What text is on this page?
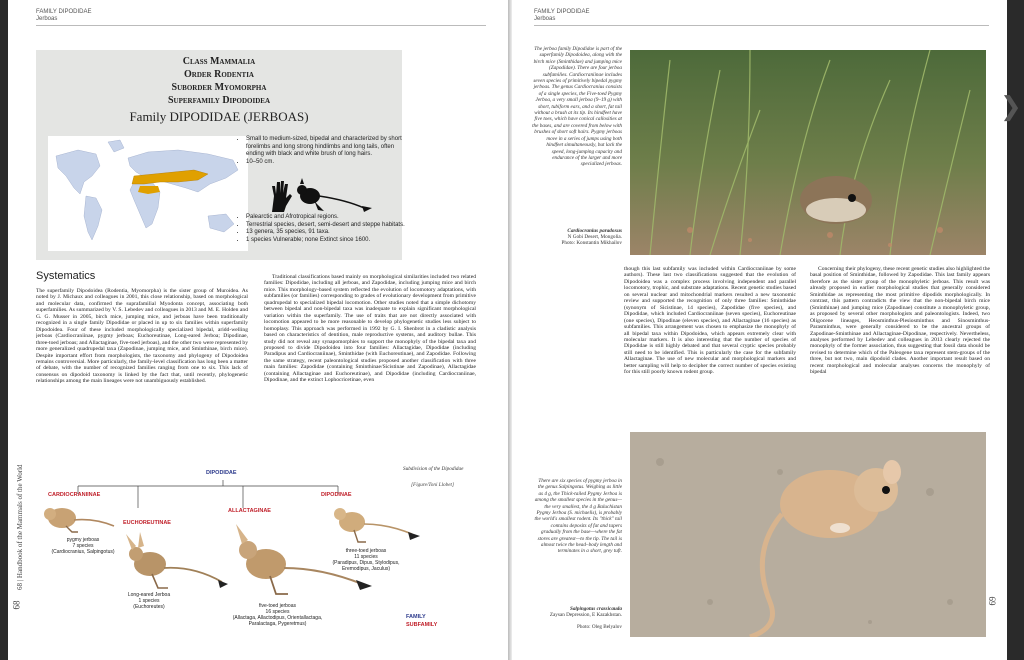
FAMILY DIPODIDAE
Jerboas
Class Mammalia
Order Rodentia
Suborder Myomorpha
Superfamily Dipodoidea
Family DIPODIDAE (JERBOAS)
• Small to medium-sized, bipedal and characterized by short forelimbs and long strong hindlimbs and long tails, often ending with black and white brush of long hairs.
• 10–50 cm.
• Palearctic and Afrotropical regions.
• Terrestrial species, desert, semi-desert and steppe habitats.
• 13 genera, 35 species, 91 taxa.
• 1 species Vulnerable; none Extinct since 1600.
Systematics
The superfamily Dipodoidea (Rodentia, Myomorpha) is the sister group of Muroidea. As noted by J. Michaux and colleagues in 2001, this close relationship, based on morphological and molecular data, confirmed the suprafamilial Myodonta concept, associating both superfamilies. As summarized by V. S. Lebedev and colleagues in 2013 and M. E. Holden and G. G. Musser in 2005, birch mice, jumping mice, and jerboas have been traditionally recognized in a single family Dipodidae or placed in up to six families within superfamily Dipodoidea. Four of these included morphologically specialized bipedal, aridd-welling jerboas (Cardiocraniinae, pygmy jerboas; Euchoreutinae, Long-eared Jerboa; Dipodinae, three-toed jerboas; and Allactaginae, five-toed jerboas), and the other two were represented by more generalized quadrupedal taxa (Zapodinae, jumping mice, and Sminthinae, birch mice). Despite important effort from morphologists, the taxonomy and phylogeny of Dipodoidea remains controversial. More particularly, the family-level classification has long been a matter of debate, with the number of recognized families ranging from one to six. This lack of consensus on dipodoid taxonomy is linked by the fact that, until recently, phylogenetic relationships among the main lineages were not unambiguously established.
Traditional classifications based mainly on morphological similarities included two related families: Dipodidae, including all jerboas, and Zapodidae, including jumping mice and birch mice. This morphology-based system reflected the evolution of locomotory adaptations, with subfamilies (or families) corresponding to grades of evolutionary development from primitive quadrupedal to specialized bipedal locomotion. Other studies noted that a simple dichotomy between bipedal and non-bipedal taxa was inadequate to explain significant morphological variation within the superfamily. The use of traits that are not directly associated with locomotion appeared to be more reasonable to develop phylogenetic studies less subject to homoplasy. This approach was performed in 1992 by G. I. Shenbrot in a cladistic analysis based on characteristics of dentition, male reproductive systems, and auditory bullae. This study did not reveal any synapomorphies to support the monophyly of the bipedal taxa and proposed to divide Dipodoidea into four families: Allactagidae, Dipodidae (including Paradipus and Cardiocraniinae), Sminthidae (with Euchoreutinae), and Zapodidae. Following the same strategy, recent paleontological studies proposed another classification with three main families: Zapodidae (containing Sminthinae/Sicistinae and Zapodinae), Allactagidae (containing Allactaginae and Euchoreutinae), and Dipodidae (including Cardiocraniinae, Dipodinae, and the extinct Lophocricetinae, even
Subdivision of the Dipodidae
[Figure/Toni Llobet]
DIPODIDAE
CARDIOCRANIINAE
EUCHOREUTINAE
ALLACTAGINAE
DIPODINAE
pygmy jerboas
7 species
(Cardiocranius, Salpingotus)
Long-eared Jerboa
1 species
(Euchoreutes)	five-toed jerboas
16 species
(Allactaga, Allactodipus, Orientallactaga,
Paralactaga, Pygeretmus)
three-toed jerboas
11 species
(Paradipus, Dipus, Stylodipus,
Eremodipus, Jaculus)
FAMILY
SUBFAMILY
68 | Handbook of the Mammals of the World
FAMILY DIPODIDAE
Jerboas
The jerboa family Dipodidae is part of the superfamily Dipodoidea, along with the birch mice (Sminthidae) and jumping mice (Zapodidae). There are four jerboa subfamilies. Cardiocraniinae includes seven species of primitively bipedal pygmy jerboas. The genus Cardiocranius consists of a single species, the Five-toed Pygmy Jerboa, a very small jerboa (9–19 g) with short, tubiform ears, and a short, fat tail without a brush at its tip. Its hindfeet have five toes, which have conical callosities at the bases, and are covered from below with brushes of short soft hairs. Pygmy jerboas move in a series of jumps using both hindfeet simultaneously, but lack the speed, long-jumping capacity and endurance of the larger and more specialized jerboas.
Cardiocranius paradoxus
N Gobi Desert, Mongolia.
Photo: Konstantin Mikhailov
though this last subfamily was included within Cardiocraniinae by some authors). These last two classifications suggested that the evolution of Dipodoidea was a complex process involving independent and parallel locomotory, trophic, and substrate adaptations. Recent genetic studies based on several nuclear and mitochondrial markers resulted a new taxonomic review and supported the recognition of only three families: Sminthidae (synonym of Sicistinae, 14 species), Zapodidae (five species), and Dipodidae, which included Cardiocraniinae (seven species), Euchoreutinae (one species), Dipodinae (eleven species), and Allactaginae (16 species) as subfamilies. This arrangement was chosen to emphasize the monophyly of all bipedal taxa within Dipodoidea, which appears extremely clear with molecular markers. It is also interesting that the number of species of Dipodidae is still highly debated and that several cryptic species probably still need to be identified. This is particularly the case for the subfamily Allactaginae. The use of new molecular and morphological markers and better sampling will help to decipher the correct number of species existing for this still poorly known rodent group.
Concerning their phylogeny, these recent genetic studies also highlighted the basal position of Sminthidae, followed by Zapodidae. This last family appears therefore as the sister group of the monophyletic jerboas. This result was already proposed in earlier morphological studies that generally considered Sminthidae as representing the most primitive dipodids morphologically. In contrast, this pattern contradicts the view that the non-bipedal birch mice (Sminthinae) and jumping mice (Zapodinae) constitute a monophyletic group, as proposed by several other morphologists and paleontologists. Indeed, two Oligocene lineages, Heosminthus-Plesiosminthus and Sinosminthus-Parasminthus, were generally considered to be the ancestral groups of Zapodinae-Sminthinae and Allactaginae-Dipodinae, respectively. Nevertheless, analyses performed by Lebedev and colleagues in 2013 clearly rejected the monophyly of the former association, thus suggesting that fossil data should be revised to determine which of the Paleogene taxa represent stem-groups of the three, but not two, main dipodoid clades. Another important result based on recent morphological and molecular analyses concerns the monophyly of bipedal
There are six species of pygmy jerboa in the genus Salpingotus. Weighing as little as 4 g, the Thick-tailed Pygmy Jerboa is among the smallest species in the genus—the very smallest, the 4 g Baluchistan Pygmy Jerboa (S. michaelis), is probably the world's smallest rodent. Its "thick" tail contains deposits of fat and tapers gradually from the base—where the fat stores are greatest—to the tip. The tail is almost twice the head–body length and terminates in a short, grey tuft.
Salpingotus crassicauda
Zaysan Depression, E Kazakhstan.
Photo: Oleg Belyalov
69
68
❯
